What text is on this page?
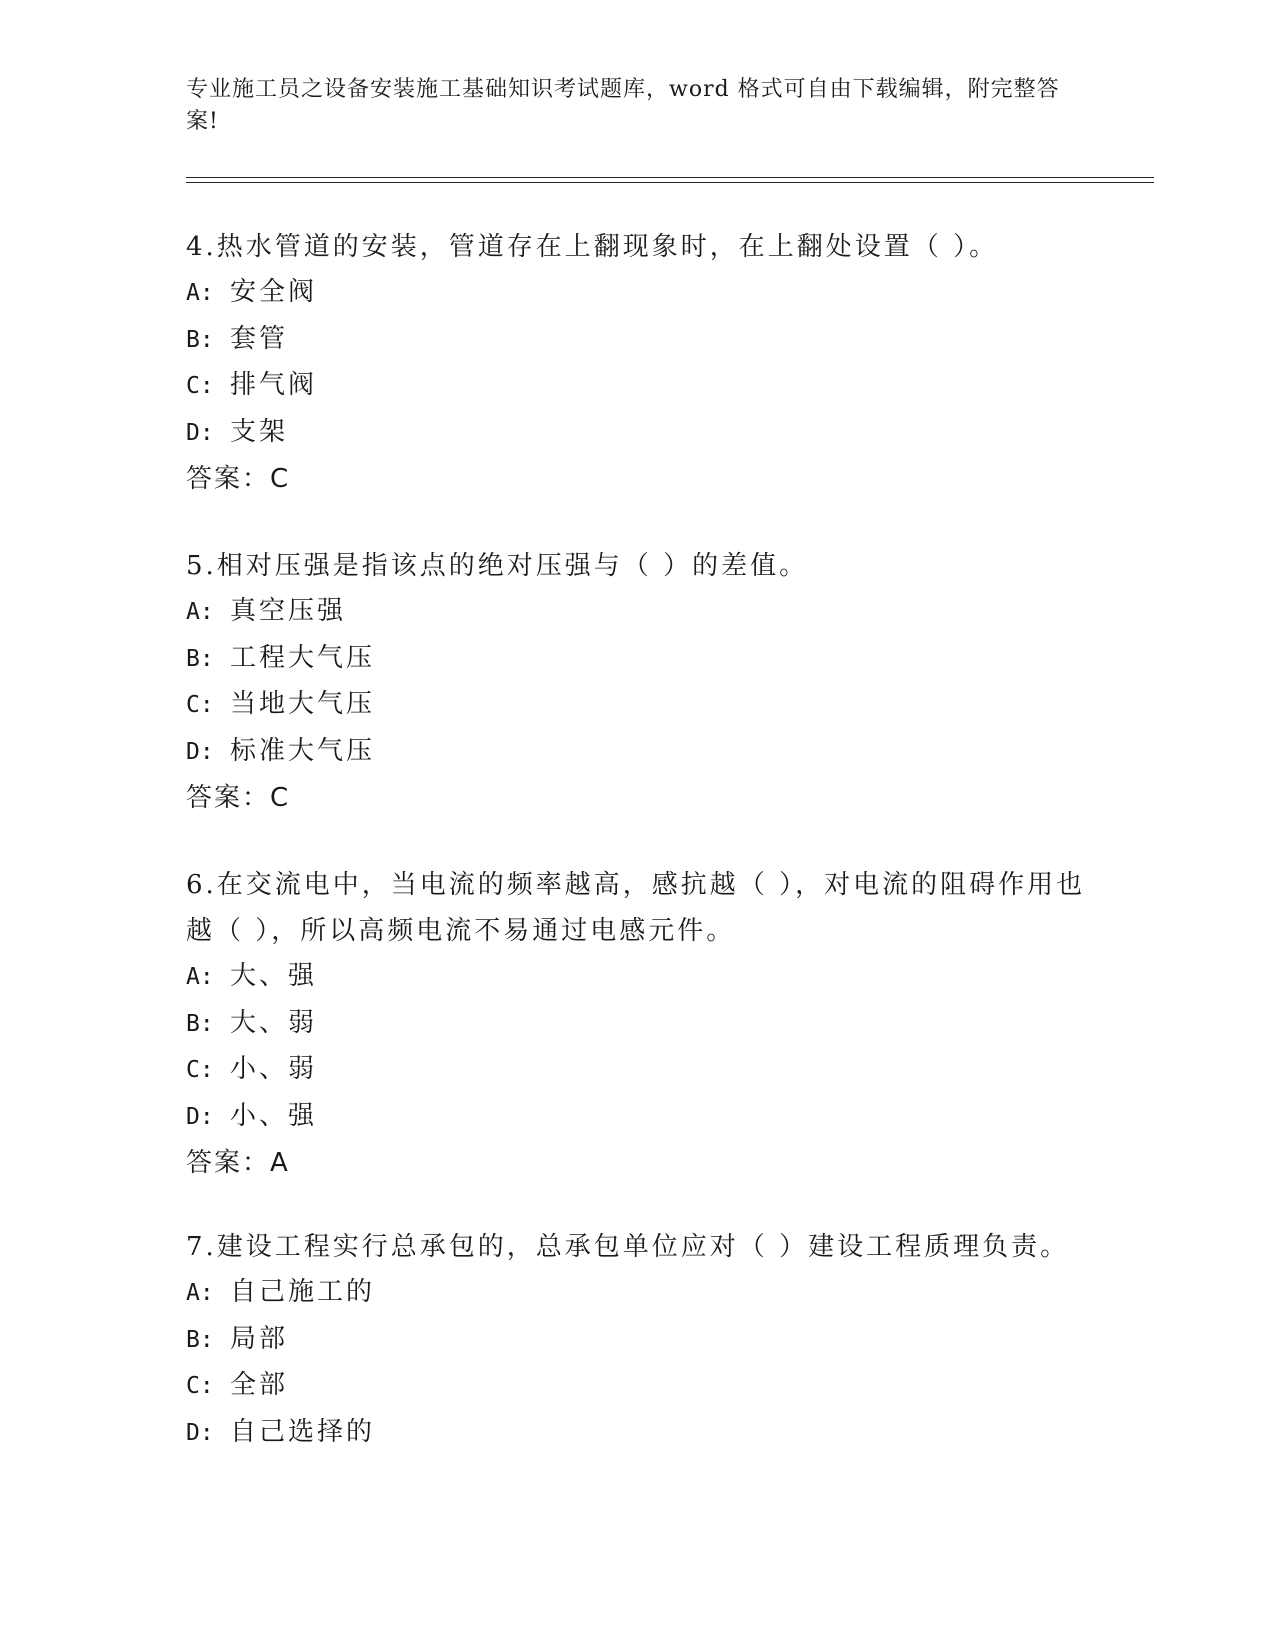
专业施工员之设备安装施工基础知识考试题库，word 格式可自由下载编辑，附完整答案!

4.热水管道的安装，管道存在上翻现象时，在上翻处设置（ ）。

A: 安全阀

B: 套管

C: 排气阀

D: 支架

答案：C

5.相对压强是指该点的绝对压强与（ ）的差值。

A: 真空压强

B: 工程大气压

C: 当地大气压

D: 标准大气压

答案：C

6.在交流电中，当电流的频率越高，感抗越（ ），对电流的阻碍作用也越（ ），所以高频电流不易通过电感元件。

A: 大、强

B: 大、弱

C: 小、弱

D: 小、强

答案：A

7.建设工程实行总承包的，总承包单位应对（ ）建设工程质理负责。

A: 自己施工的

B: 局部

C: 全部

D: 自己选择的
